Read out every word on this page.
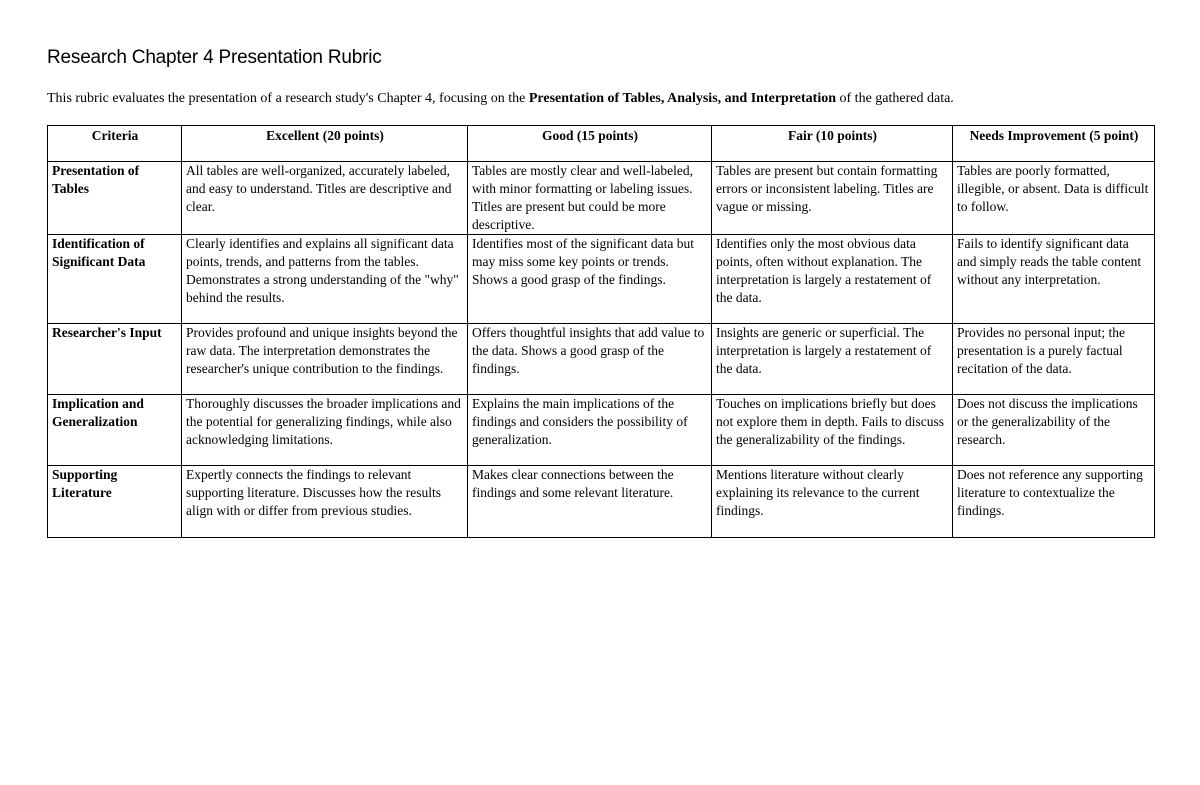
Research Chapter 4 Presentation Rubric

This rubric evaluates the presentation of a research study's Chapter 4, focusing on the Presentation of Tables, Analysis, and Interpretation of the gathered data.

Criteria	Excellent (20 points)	Good (15 points)	Fair (10 points)	Needs Improvement (5 point)
Presentation of Tables	All tables are well-organized, accurately labeled, and easy to understand. Titles are descriptive and clear.	Tables are mostly clear and well-labeled, with minor formatting or labeling issues. Titles are present but could be more descriptive.	Tables are present but contain formatting errors or inconsistent labeling. Titles are vague or missing.	Tables are poorly formatted, illegible, or absent. Data is difficult to follow.
Identification of Significant Data	Clearly identifies and explains all significant data points, trends, and patterns from the tables. Demonstrates a strong understanding of the "why" behind the results.	Identifies most of the significant data but may miss some key points or trends. Shows a good grasp of the findings.	Identifies only the most obvious data points, often without explanation. The interpretation is largely a restatement of the data.	Fails to identify significant data and simply reads the table content without any interpretation.
Researcher's Input	Provides profound and unique insights beyond the raw data. The interpretation demonstrates the researcher's unique contribution to the findings.	Offers thoughtful insights that add value to the data. Shows a good grasp of the findings.	Insights are generic or superficial. The interpretation is largely a restatement of the data.	Provides no personal input; the presentation is a purely factual recitation of the data.
Implication and Generalization	Thoroughly discusses the broader implications and the potential for generalizing findings, while also acknowledging limitations.	Explains the main implications of the findings and considers the possibility of generalization.	Touches on implications briefly but does not explore them in depth. Fails to discuss the generalizability of the findings.	Does not discuss the implications or the generalizability of the research.
Supporting Literature	Expertly connects the findings to relevant supporting literature. Discusses how the results align with or differ from previous studies.	Makes clear connections between the findings and some relevant literature.	Mentions literature without clearly explaining its relevance to the current findings.	Does not reference any supporting literature to contextualize the findings.
